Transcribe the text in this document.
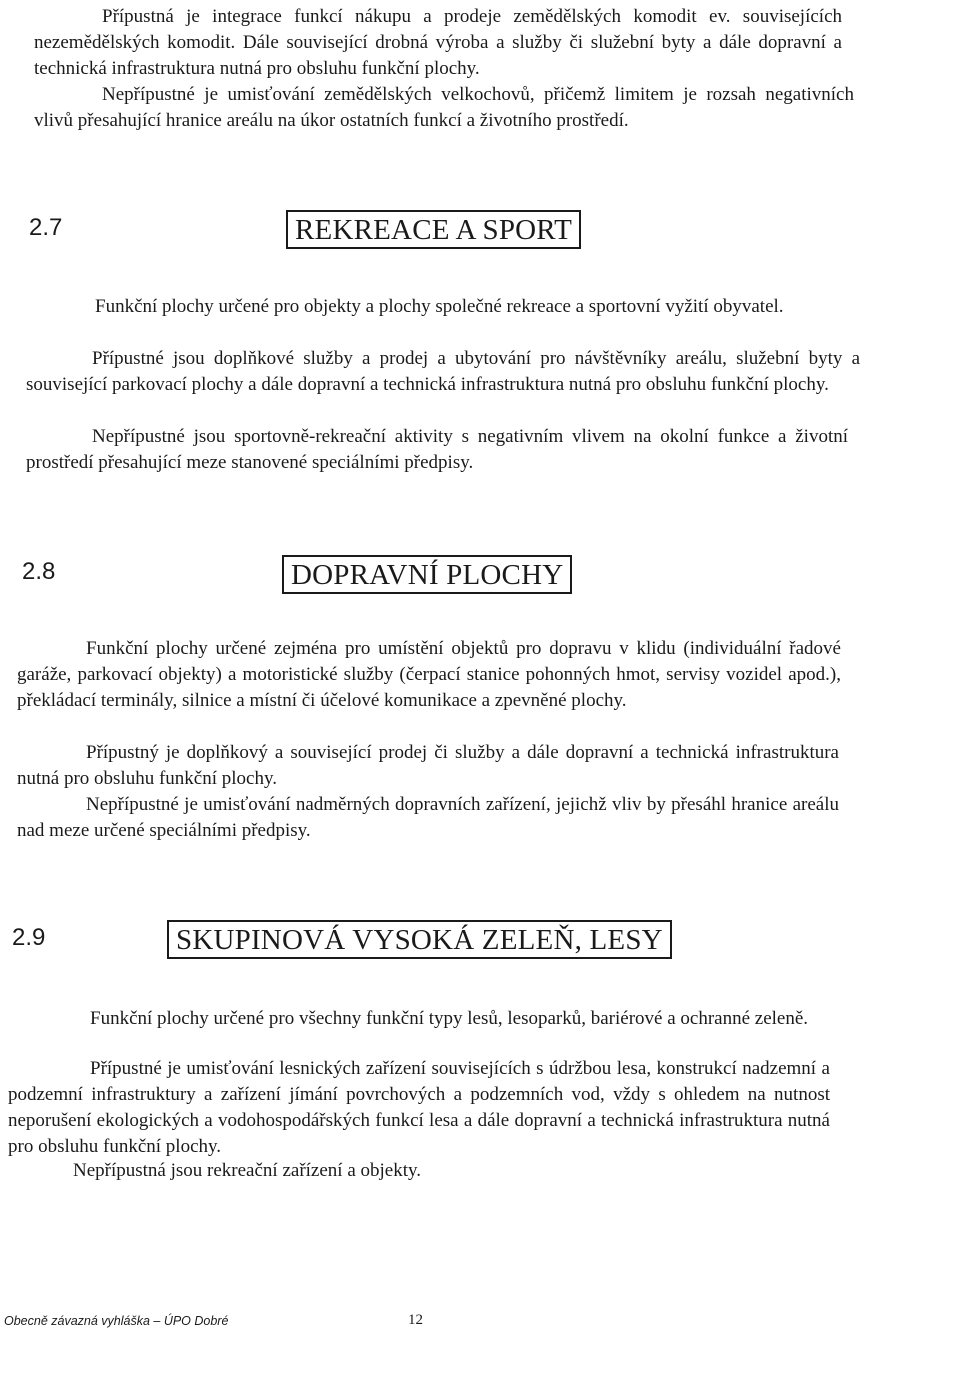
Přípustná je integrace funkcí nákupu a prodeje zemědělských komodit ev. souvisejících nezemědělských komodit. Dále související drobná výroba a služby či služební byty a dále dopravní a technická infrastruktura nutná pro obsluhu funkční plochy.

Nepřípustné je umisťování zemědělských velkochovů, přičemž limitem je rozsah negativních vlivů přesahující hranice areálu na úkor ostatních funkcí a životního prostředí.

2.7	REKREACE A SPORT

Funkční plochy určené pro objekty a plochy společné rekreace a sportovní vyžití obyvatel.

Přípustné jsou doplňkové služby a prodej a ubytování pro návštěvníky areálu, služební byty a související parkovací plochy a dále dopravní a technická infrastruktura nutná pro obsluhu funkční plochy.

Nepřípustné jsou sportovně-rekreační aktivity s negativním vlivem na okolní funkce a životní prostředí přesahující meze stanovené speciálními předpisy.

2.8	DOPRAVNÍ PLOCHY

Funkční plochy určené zejména pro umístění objektů pro dopravu v klidu (individuální řadové garáže, parkovací objekty) a motoristické služby (čerpací stanice pohonných hmot, servisy vozidel apod.), překládací terminály, silnice a místní či účelové komunikace a zpevněné plochy.

Přípustný je doplňkový a související prodej či služby a dále dopravní a technická infrastruktura nutná pro obsluhu funkční plochy.

Nepřípustné je umisťování nadměrných dopravních zařízení, jejichž vliv by přesáhl hranice areálu nad meze určené speciálními předpisy.

2.9	SKUPINOVÁ VYSOKÁ ZELEŇ, LESY

Funkční plochy určené pro všechny funkční typy lesů, lesoparků, bariérové a ochranné zeleně.

Přípustné je umisťování lesnických zařízení souvisejících s údržbou lesa, konstrukcí nadzemní a podzemní infrastruktury a zařízení jímání povrchových a podzemních vod, vždy s ohledem na nutnost neporušení ekologických a vodohospodářských funkcí lesa a dále dopravní a technická infrastruktura nutná pro obsluhu funkční plochy.

Nepřípustná jsou rekreační zařízení a objekty.

Obecně závazná vyhláška – ÚPO Dobré	12
